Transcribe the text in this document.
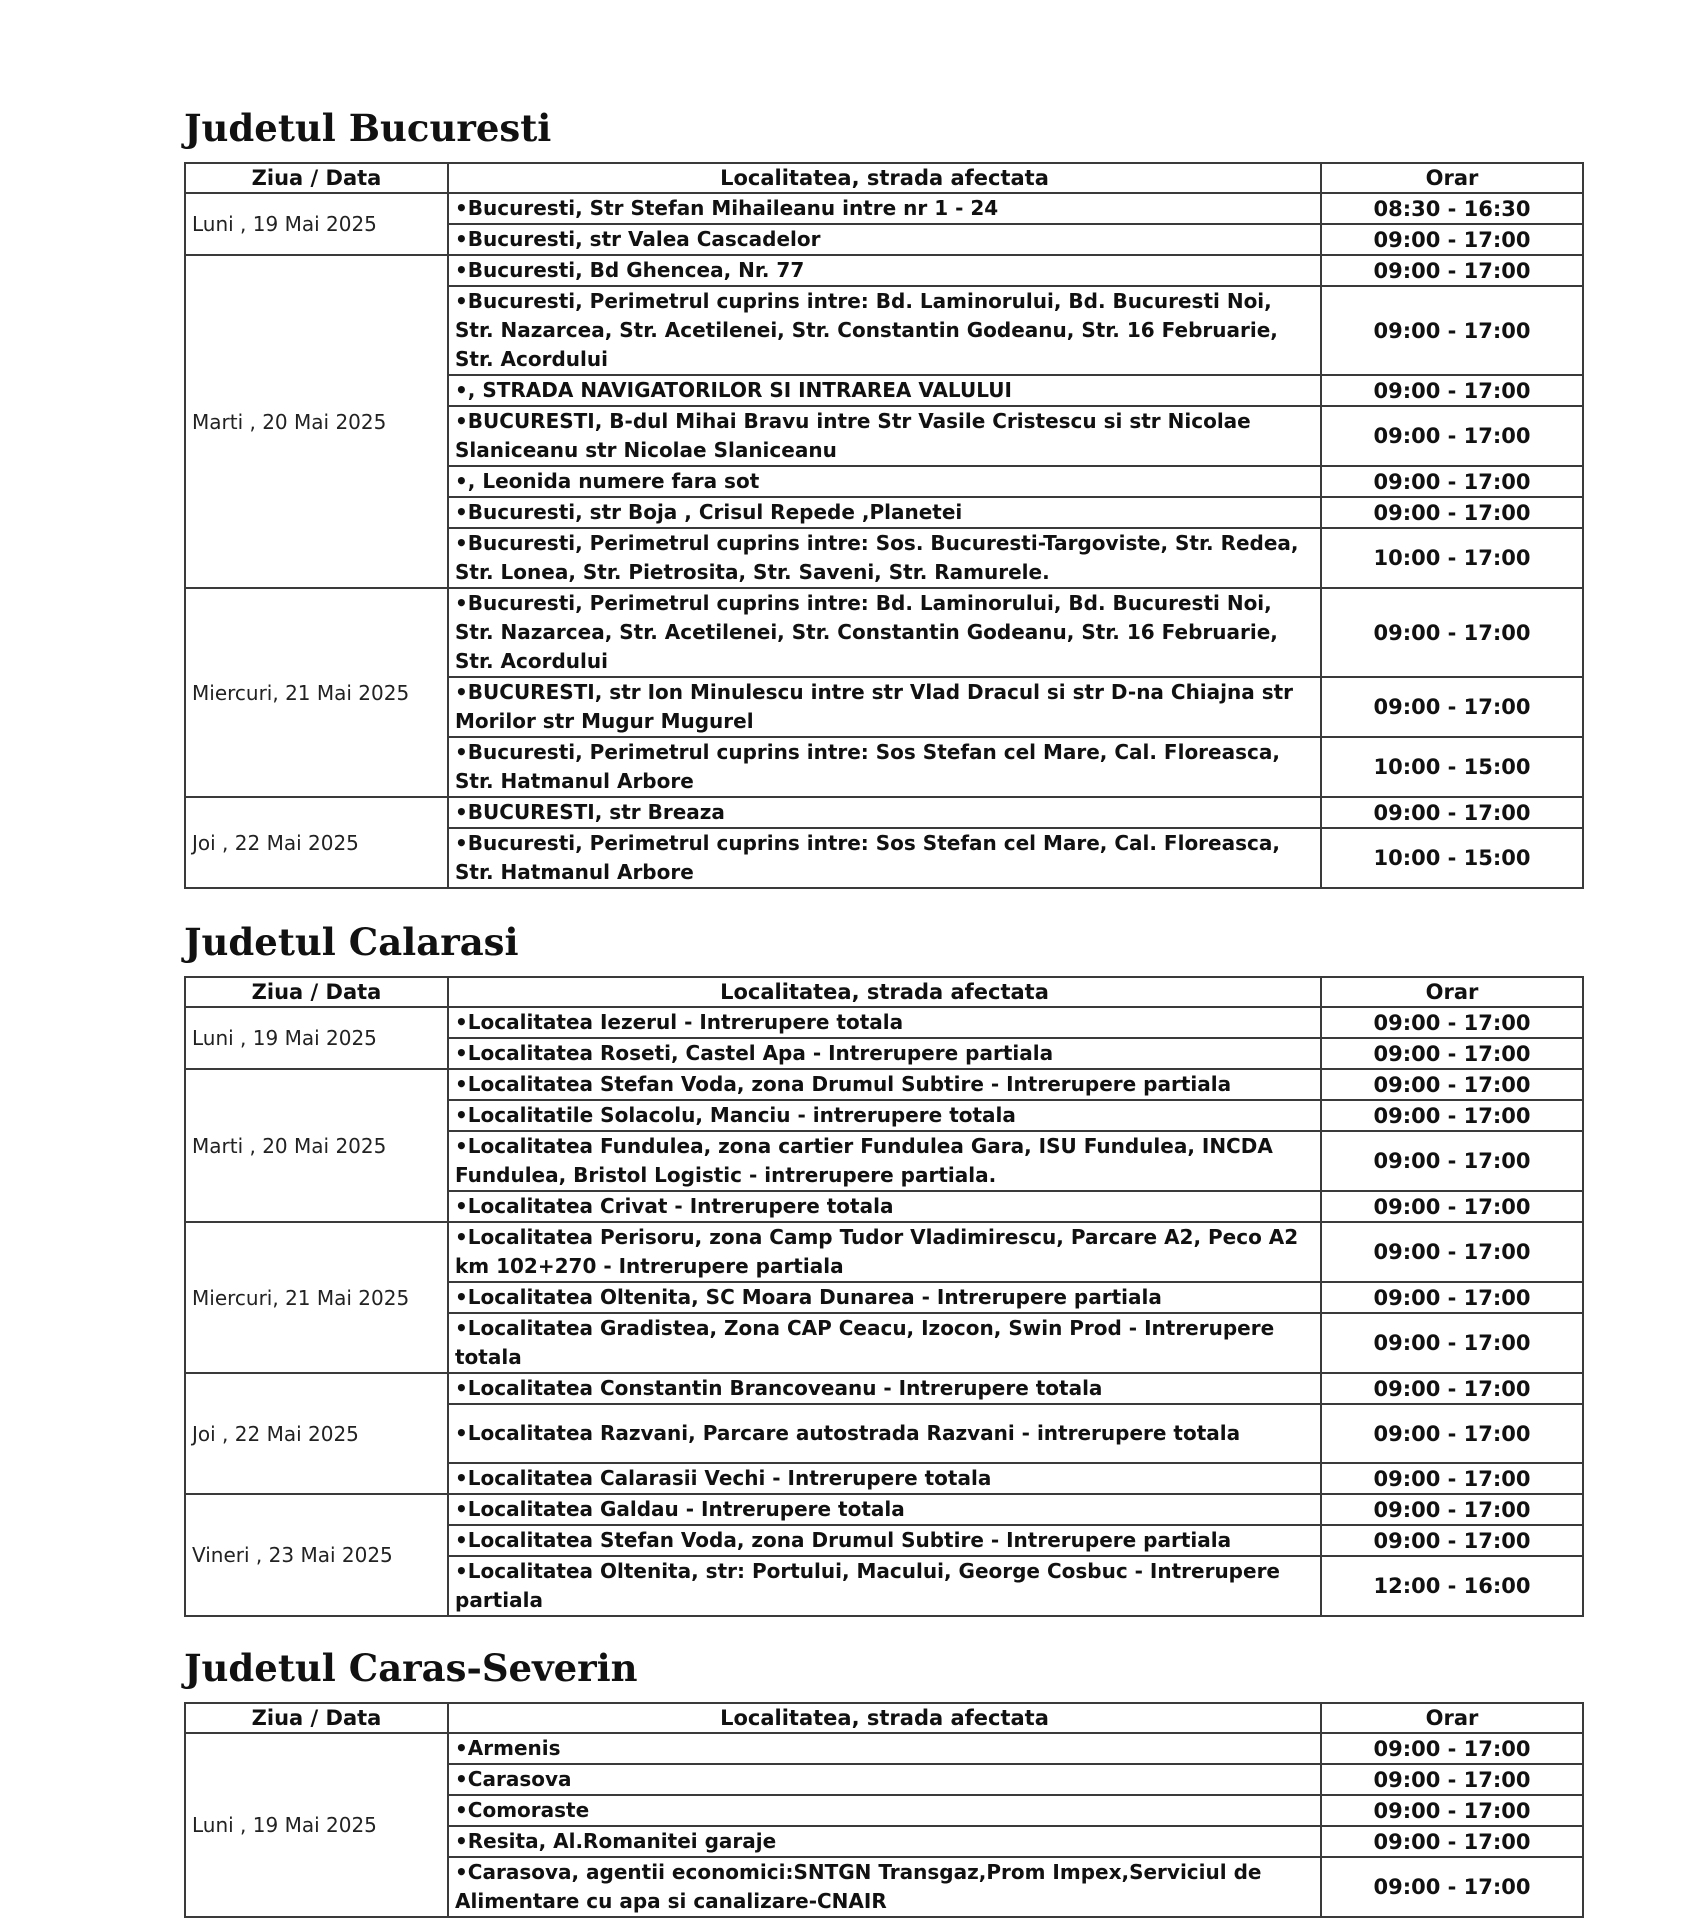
Judetul Bucuresti
Ziua / Data	Localitatea, strada afectata	Orar
Luni , 19 Mai 2025	•Bucuresti, Str Stefan Mihaileanu intre nr 1 - 24	08:30 - 16:30
	•Bucuresti, str Valea Cascadelor	09:00 - 17:00
Marti , 20 Mai 2025	•Bucuresti, Bd Ghencea, Nr. 77	09:00 - 17:00
	•Bucuresti, Perimetrul cuprins intre: Bd. Laminorului, Bd. Bucuresti Noi, Str. Nazarcea, Str. Acetilenei, Str. Constantin Godeanu, Str. 16 Februarie, Str. Acordului	09:00 - 17:00
	•, STRADA NAVIGATORILOR SI INTRAREA VALULUI	09:00 - 17:00
	•BUCURESTI, B-dul Mihai Bravu intre Str Vasile Cristescu si str Nicolae Slaniceanu str Nicolae Slaniceanu	09:00 - 17:00
	•, Leonida numere fara sot	09:00 - 17:00
	•Bucuresti, str Boja , Crisul Repede ,Planetei	09:00 - 17:00
	•Bucuresti, Perimetrul cuprins intre: Sos. Bucuresti-Targoviste, Str. Redea, Str. Lonea, Str. Pietrosita, Str. Saveni, Str. Ramurele.	10:00 - 17:00
Miercuri, 21 Mai 2025	•Bucuresti, Perimetrul cuprins intre: Bd. Laminorului, Bd. Bucuresti Noi, Str. Nazarcea, Str. Acetilenei, Str. Constantin Godeanu, Str. 16 Februarie, Str. Acordului	09:00 - 17:00
	•BUCURESTI, str Ion Minulescu intre str Vlad Dracul si str D-na Chiajna str Morilor str Mugur Mugurel	09:00 - 17:00
	•Bucuresti, Perimetrul cuprins intre: Sos Stefan cel Mare, Cal. Floreasca, Str. Hatmanul Arbore	10:00 - 15:00
Joi , 22 Mai 2025	•BUCURESTI, str Breaza	09:00 - 17:00
	•Bucuresti, Perimetrul cuprins intre: Sos Stefan cel Mare, Cal. Floreasca, Str. Hatmanul Arbore	10:00 - 15:00
Judetul Calarasi
Ziua / Data	Localitatea, strada afectata	Orar
Luni , 19 Mai 2025	•Localitatea Iezerul - Intrerupere totala	09:00 - 17:00
	•Localitatea Roseti, Castel Apa - Intrerupere partiala	09:00 - 17:00
Marti , 20 Mai 2025	•Localitatea Stefan Voda, zona Drumul Subtire - Intrerupere partiala	09:00 - 17:00
	•Localitatile Solacolu, Manciu - intrerupere totala	09:00 - 17:00
	•Localitatea Fundulea, zona cartier Fundulea Gara, ISU Fundulea, INCDA Fundulea, Bristol Logistic - intrerupere partiala.	09:00 - 17:00
	•Localitatea Crivat - Intrerupere totala	09:00 - 17:00
Miercuri, 21 Mai 2025	•Localitatea Perisoru, zona Camp Tudor Vladimirescu, Parcare A2, Peco A2 km 102+270 - Intrerupere partiala	09:00 - 17:00
	•Localitatea Oltenita, SC Moara Dunarea - Intrerupere partiala	09:00 - 17:00
	•Localitatea Gradistea, Zona CAP Ceacu, Izocon, Swin Prod - Intrerupere totala	09:00 - 17:00
Joi , 22 Mai 2025	•Localitatea Constantin Brancoveanu - Intrerupere totala	09:00 - 17:00
	•Localitatea Razvani, Parcare autostrada Razvani - intrerupere totala	09:00 - 17:00
	•Localitatea Calarasii Vechi - Intrerupere totala	09:00 - 17:00
Vineri , 23 Mai 2025	•Localitatea Galdau - Intrerupere totala	09:00 - 17:00
	•Localitatea Stefan Voda, zona Drumul Subtire - Intrerupere partiala	09:00 - 17:00
	•Localitatea Oltenita, str: Portului, Macului, George Cosbuc - Intrerupere partiala	12:00 - 16:00
Judetul Caras-Severin
Ziua / Data	Localitatea, strada afectata	Orar
Luni , 19 Mai 2025	•Armenis	09:00 - 17:00
	•Carasova	09:00 - 17:00
	•Comoraste	09:00 - 17:00
	•Resita, Al.Romanitei garaje	09:00 - 17:00
	•Carasova, agentii economici:SNTGN Transgaz,Prom Impex,Serviciul de Alimentare cu apa si canalizare-CNAIR	09:00 - 17:00
